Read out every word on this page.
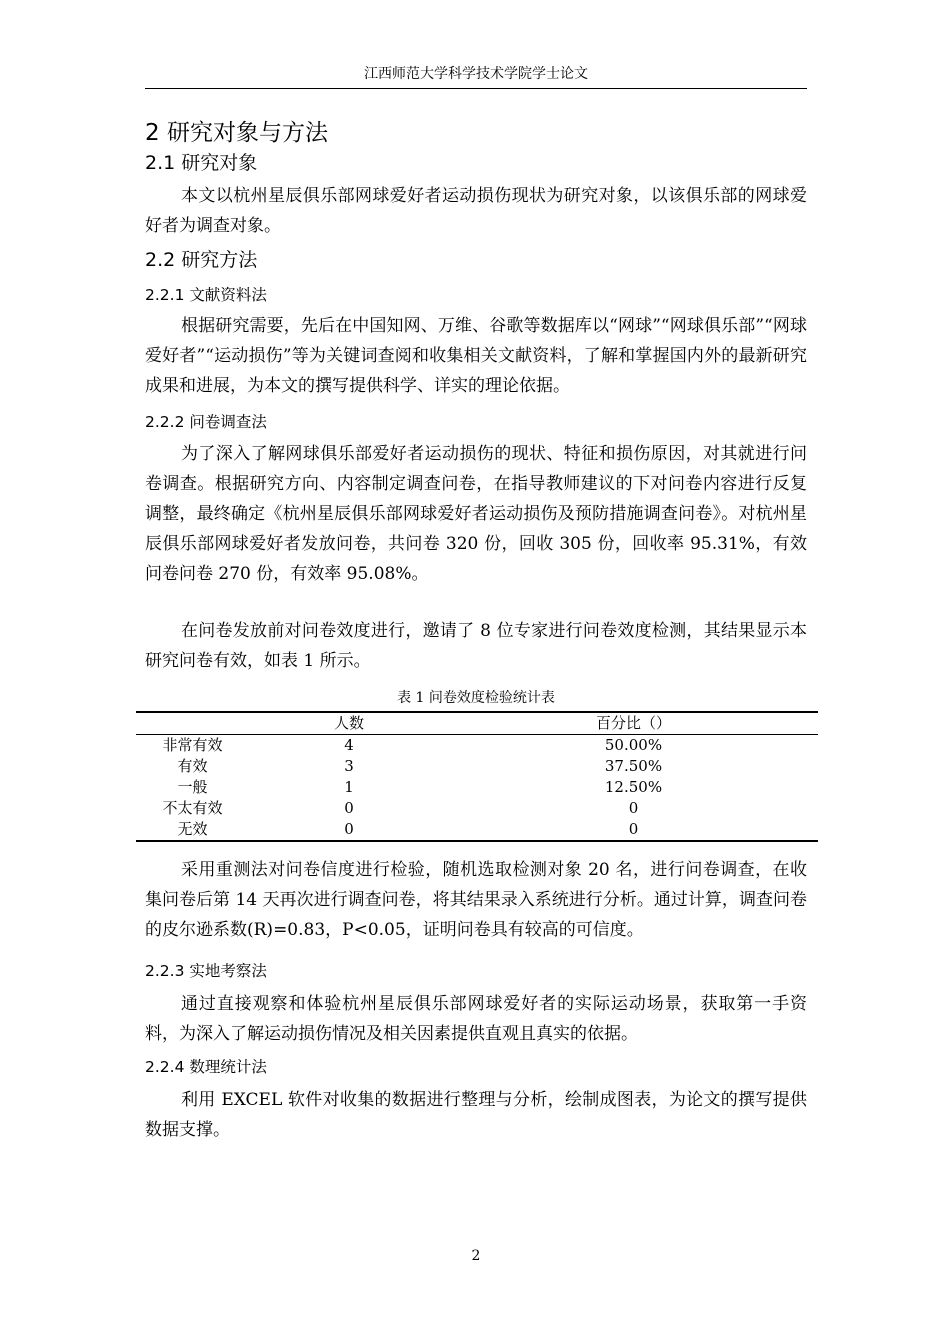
江西师范大学科学技术学院学士论文
2 研究对象与方法
2.1 研究对象
本文以杭州星辰俱乐部网球爱好者运动损伤现状为研究对象，以该俱乐部的网球爱好者为调查对象。
2.2 研究方法
2.2.1 文献资料法
根据研究需要，先后在中国知网、万维、谷歌等数据库以“网球”“网球俱乐部”“网球爱好者”“运动损伤”等为关键词查阅和收集相关文献资料，了解和掌握国内外的最新研究成果和进展，为本文的撰写提供科学、详实的理论依据。
2.2.2 问卷调查法
为了深入了解网球俱乐部爱好者运动损伤的现状、特征和损伤原因，对其就进行问卷调查。根据研究方向、内容制定调查问卷，在指导教师建议的下对问卷内容进行反复调整，最终确定《杭州星辰俱乐部网球爱好者运动损伤及预防措施调查问卷》。对杭州星辰俱乐部网球爱好者发放问卷，共问卷 320 份，回收 305 份，回收率 95.31%，有效问卷问卷 270 份，有效率 95.08%。
在问卷发放前对问卷效度进行，邀请了 8 位专家进行问卷效度检测，其结果显示本研究问卷有效，如表 1 所示。
表 1 问卷效度检验统计表
	人数	百分比（）
非常有效	4	50.00%
有效	3	37.50%
一般	1	12.50%
不太有效	0	0
无效	0	0
采用重测法对问卷信度进行检验，随机选取检测对象 20 名，进行问卷调查，在收集问卷后第 14 天再次进行调查问卷，将其结果录入系统进行分析。通过计算，调查问卷的皮尔逊系数(R)=0.83，P<0.05，证明问卷具有较高的可信度。
2.2.3 实地考察法
通过直接观察和体验杭州星辰俱乐部网球爱好者的实际运动场景，获取第一手资料，为深入了解运动损伤情况及相关因素提供直观且真实的依据。
2.2.4 数理统计法
利用 EXCEL 软件对收集的数据进行整理与分析，绘制成图表，为论文的撰写提供数据支撑。
2
